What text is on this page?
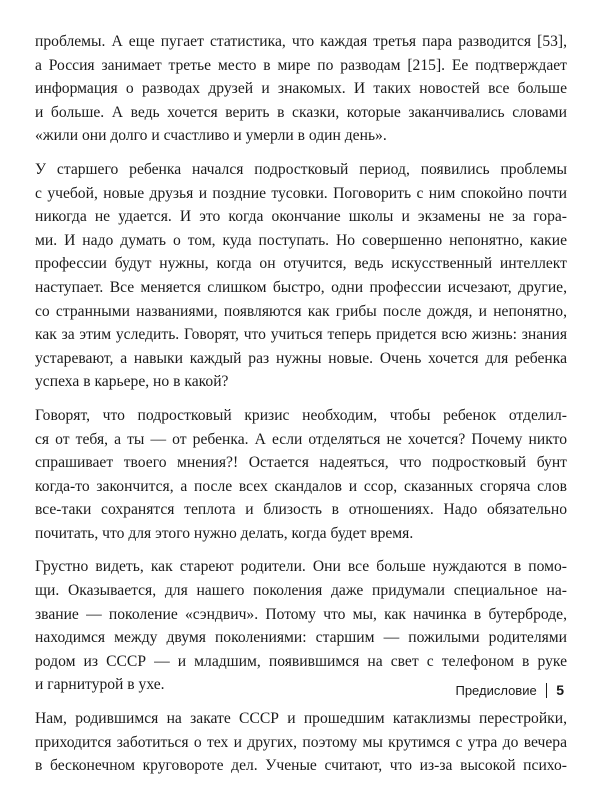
проблемы. А еще пугает статистика, что каждая третья пара разводится [53],
а Россия занимает третье место в мире по разводам [215]. Ее подтверждает
информация о разводах друзей и знакомых. И таких новостей все больше
и больше. А ведь хочется верить в сказки, которые заканчивались словами
«жили они долго и счастливо и умерли в один день».
У старшего ребенка начался подростковый период, появились проблемы
с учебой, новые друзья и поздние тусовки. Поговорить с ним спокойно почти
никогда не удается. И это когда окончание школы и экзамены не за гора-
ми. И надо думать о том, куда поступать. Но совершенно непонятно, какие
профессии будут нужны, когда он отучится, ведь искусственный интеллект
наступает. Все меняется слишком быстро, одни профессии исчезают, другие,
со странными названиями, появляются как грибы после дождя, и непонятно,
как за этим уследить. Говорят, что учиться теперь придется всю жизнь: знания
устаревают, а навыки каждый раз нужны новые. Очень хочется для ребенка
успеха в карьере, но в какой?
Говорят, что подростковый кризис необходим, чтобы ребенок отделил-
ся от тебя, а ты — от ребенка. А если отделяться не хочется? Почему никто
спрашивает твоего мнения?! Остается надеяться, что подростковый бунт
когда-то закончится, а после всех скандалов и ссор, сказанных сгоряча слов
все-таки сохранятся теплота и близость в отношениях. Надо обязательно
почитать, что для этого нужно делать, когда будет время.
Грустно видеть, как стареют родители. Они все больше нуждаются в помо-
щи. Оказывается, для нашего поколения даже придумали специальное на-
звание — поколение «сэндвич». Потому что мы, как начинка в бутерброде,
находимся между двумя поколениями: старшим — пожилыми родителями
родом из СССР — и младшим, появившимся на свет с телефоном в руке
и гарнитурой в ухе.
Нам, родившимся на закате СССР и прошедшим катаклизмы перестройки,
приходится заботиться о тех и других, поэтому мы крутимся с утра до вечера
в бесконечном круговороте дел. Ученые считают, что из-за высокой психо-
Предисловие 5
